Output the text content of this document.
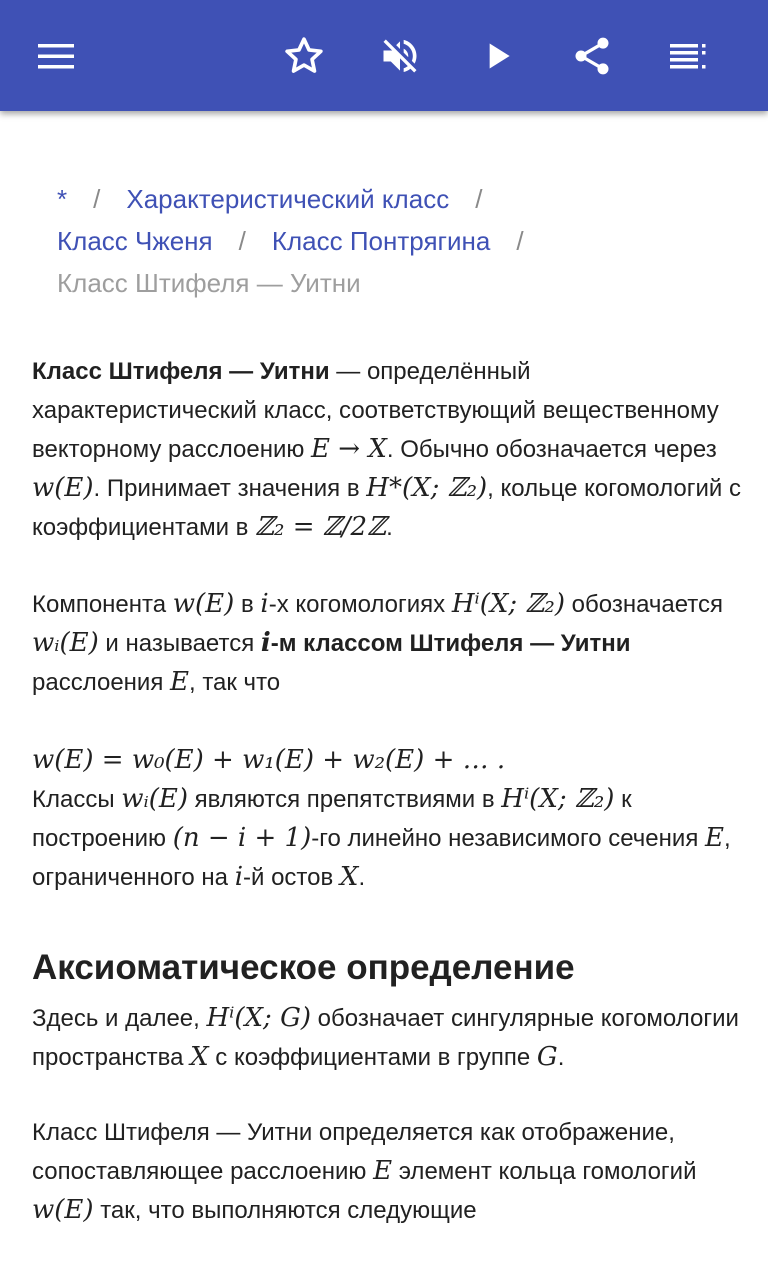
* / Характеристический класс /
Класс Чженя / Класс Понтрягина /
Класс Штифеля — Уитни

Класс Штифеля — Уитни — определённый характеристический класс, соответствующий вещественному векторному расслоению E → X. Обычно обозначается через w(E). Принимает значения в H*(X; ℤ₂), кольце когомологий с коэффициентами в ℤ₂ = ℤ/2ℤ.

Компонента w(E) в i-х когомологиях Hⁱ(X; ℤ₂) обозначается wᵢ(E) и называется i-м классом Штифеля — Уитни расслоения E, так что

w(E) = w₀(E) + w₁(E) + w₂(E) + … .

Классы wᵢ(E) являются препятствиями в Hⁱ(X; ℤ₂) к построению (n − i + 1)-го линейно независимого сечения E, ограниченного на i-й остов X.

Аксиоматическое определение

Здесь и далее, Hⁱ(X; G) обозначает сингулярные когомологии пространства X с коэффициентами в группе G.

Класс Штифеля — Уитни определяется как отображение, сопоставляющее расслоению E элемент кольца гомологий w(E) так, что выполняются следующие
